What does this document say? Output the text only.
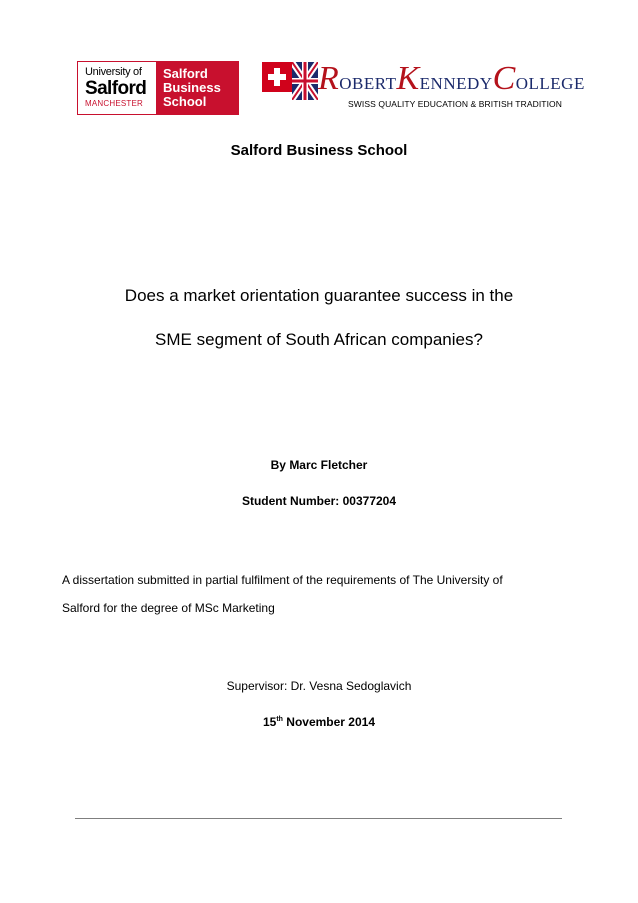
University of
Salford
MANCHESTER
Salford
Business
School
ROBERTKENNEDYCOLLEGE
SWISS QUALITY EDUCATION & BRITISH TRADITION
Salford Business School
Does a market orientation guarantee success in the
SME segment of South African companies?
By Marc Fletcher
Student Number: 00377204
A dissertation submitted in partial fulfilment of the requirements of The University of
Salford for the degree of MSc Marketing
Supervisor: Dr. Vesna Sedoglavich
15th November 2014
